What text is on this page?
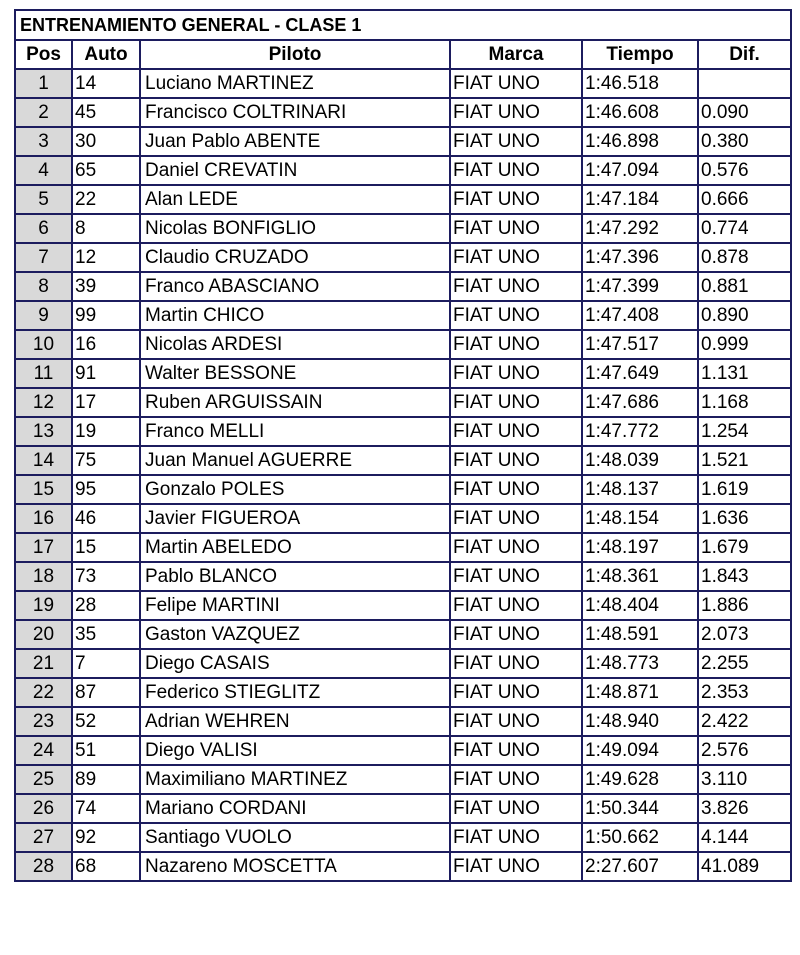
ENTRENAMIENTO GENERAL - CLASE 1					
Pos	Auto	Piloto	Marca	Tiempo	Dif.
1	14	Luciano MARTINEZ	FIAT UNO	1:46.518	
2	45	Francisco COLTRINARI	FIAT UNO	1:46.608	0.090
3	30	Juan Pablo ABENTE	FIAT UNO	1:46.898	0.380
4	65	Daniel CREVATIN	FIAT UNO	1:47.094	0.576
5	22	Alan LEDE	FIAT UNO	1:47.184	0.666
6	8	Nicolas BONFIGLIO	FIAT UNO	1:47.292	0.774
7	12	Claudio CRUZADO	FIAT UNO	1:47.396	0.878
8	39	Franco ABASCIANO	FIAT UNO	1:47.399	0.881
9	99	Martin CHICO	FIAT UNO	1:47.408	0.890
10	16	Nicolas ARDESI	FIAT UNO	1:47.517	0.999
11	91	Walter BESSONE	FIAT UNO	1:47.649	1.131
12	17	Ruben ARGUISSAIN	FIAT UNO	1:47.686	1.168
13	19	Franco MELLI	FIAT UNO	1:47.772	1.254
14	75	Juan Manuel AGUERRE	FIAT UNO	1:48.039	1.521
15	95	Gonzalo POLES	FIAT UNO	1:48.137	1.619
16	46	Javier FIGUEROA	FIAT UNO	1:48.154	1.636
17	15	Martin ABELEDO	FIAT UNO	1:48.197	1.679
18	73	Pablo BLANCO	FIAT UNO	1:48.361	1.843
19	28	Felipe MARTINI	FIAT UNO	1:48.404	1.886
20	35	Gaston VAZQUEZ	FIAT UNO	1:48.591	2.073
21	7	Diego CASAIS	FIAT UNO	1:48.773	2.255
22	87	Federico STIEGLITZ	FIAT UNO	1:48.871	2.353
23	52	Adrian WEHREN	FIAT UNO	1:48.940	2.422
24	51	Diego VALISI	FIAT UNO	1:49.094	2.576
25	89	Maximiliano MARTINEZ	FIAT UNO	1:49.628	3.110
26	74	Mariano CORDANI	FIAT UNO	1:50.344	3.826
27	92	Santiago VUOLO	FIAT UNO	1:50.662	4.144
28	68	Nazareno MOSCETTA	FIAT UNO	2:27.607	41.089
